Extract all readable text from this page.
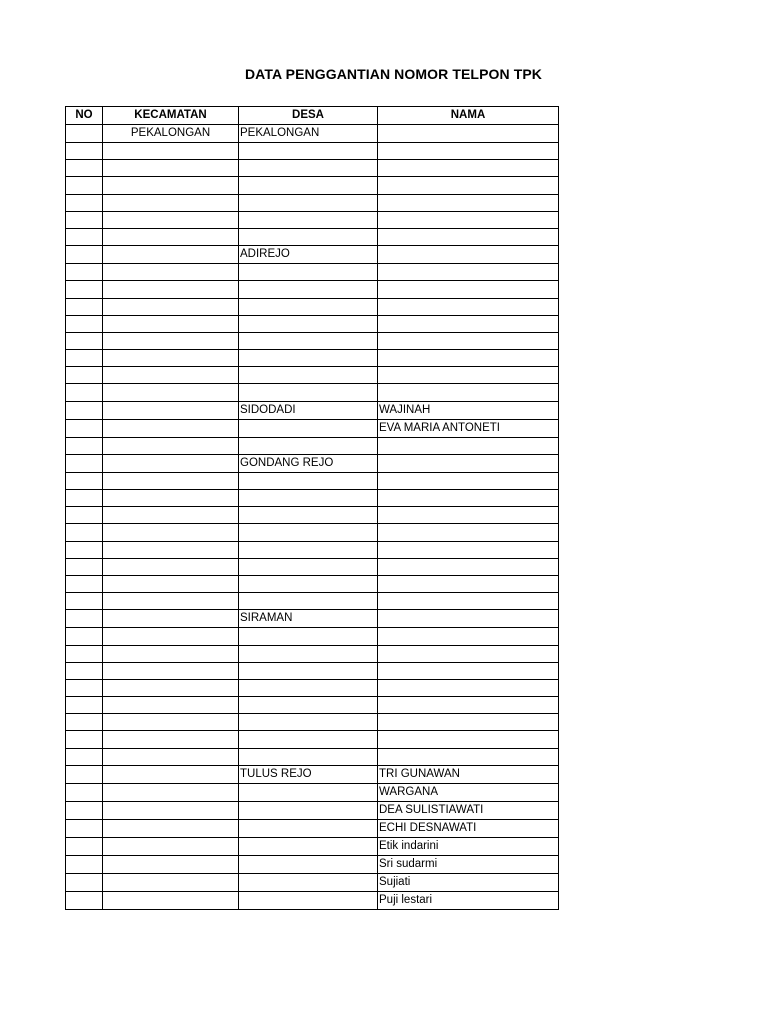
DATA PENGGANTIAN NOMOR TELPON TPK
NO	KECAMATAN	DESA	NAMA
	PEKALONGAN	PEKALONGAN	

		ADIREJO	

		SIDODADI	WAJINAH
			EVA MARIA ANTONETI

		GONDANG REJO	

		SIRAMAN	

		TULUS REJO	TRI GUNAWAN
			WARGANA
			DEA SULISTIAWATI
			ECHI DESNAWATI
			Etik indarini
			Sri sudarmi
			Sujiati
			Puji lestari
